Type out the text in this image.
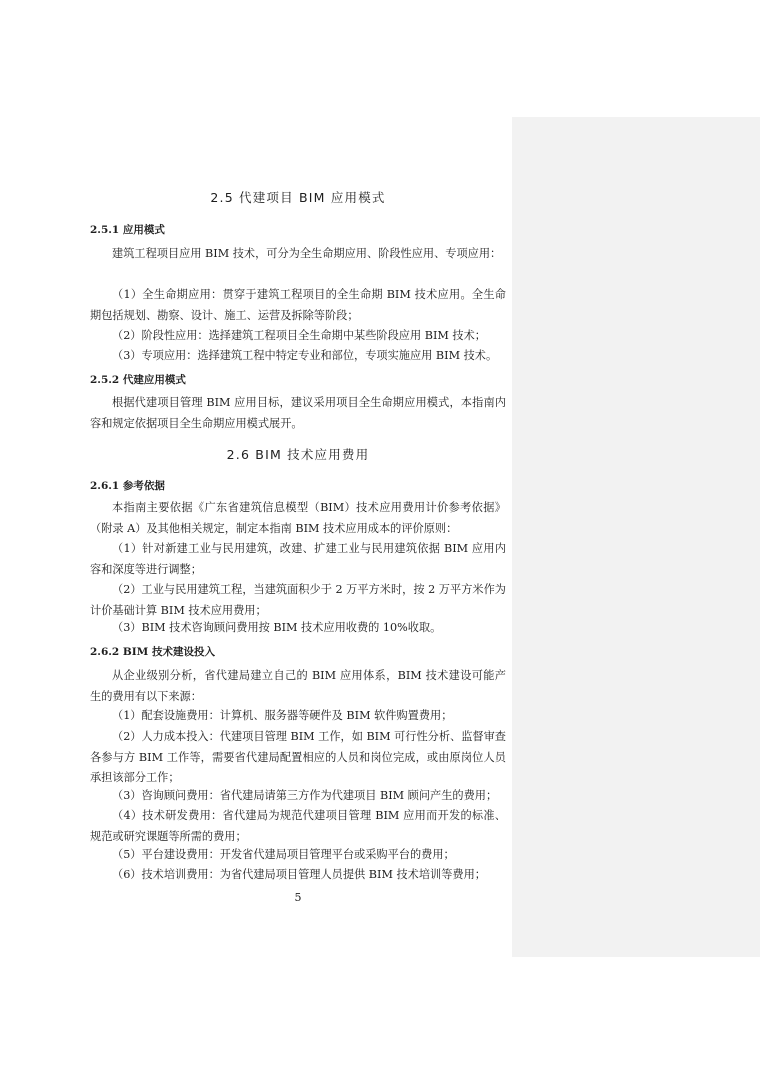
2.5 代建项目 BIM 应用模式
2.5.1 应用模式
建筑工程项目应用 BIM 技术，可分为全生命期应用、阶段性应用、专项应用：
（1）全生命期应用：贯穿于建筑工程项目的全生命期 BIM 技术应用。全生命期包括规划、勘察、设计、施工、运营及拆除等阶段；
（2）阶段性应用：选择建筑工程项目全生命期中某些阶段应用 BIM 技术；
（3）专项应用：选择建筑工程中特定专业和部位，专项实施应用 BIM 技术。
2.5.2 代建应用模式
根据代建项目管理 BIM 应用目标，建议采用项目全生命期应用模式，本指南内容和规定依据项目全生命期应用模式展开。
2.6 BIM 技术应用费用
2.6.1 参考依据
本指南主要依据《广东省建筑信息模型（BIM）技术应用费用计价参考依据》（附录 A）及其他相关规定，制定本指南 BIM 技术应用成本的评价原则：
（1）针对新建工业与民用建筑，改建、扩建工业与民用建筑依据 BIM 应用内容和深度等进行调整；
（2）工业与民用建筑工程，当建筑面积少于 2 万平方米时，按 2 万平方米作为计价基础计算 BIM 技术应用费用；
（3）BIM 技术咨询顾问费用按 BIM 技术应用收费的 10%收取。
2.6.2 BIM 技术建设投入
从企业级别分析，省代建局建立自己的 BIM 应用体系，BIM 技术建设可能产生的费用有以下来源：
（1）配套设施费用：计算机、服务器等硬件及 BIM 软件购置费用；
（2）人力成本投入：代建项目管理 BIM 工作，如 BIM 可行性分析、监督审查各参与方 BIM 工作等，需要省代建局配置相应的人员和岗位完成，或由原岗位人员承担该部分工作；
（3）咨询顾问费用：省代建局请第三方作为代建项目 BIM 顾问产生的费用；
（4）技术研发费用：省代建局为规范代建项目管理 BIM 应用而开发的标准、规范或研究课题等所需的费用；
（5）平台建设费用：开发省代建局项目管理平台或采购平台的费用；
（6）技术培训费用：为省代建局项目管理人员提供 BIM 技术培训等费用；
5
